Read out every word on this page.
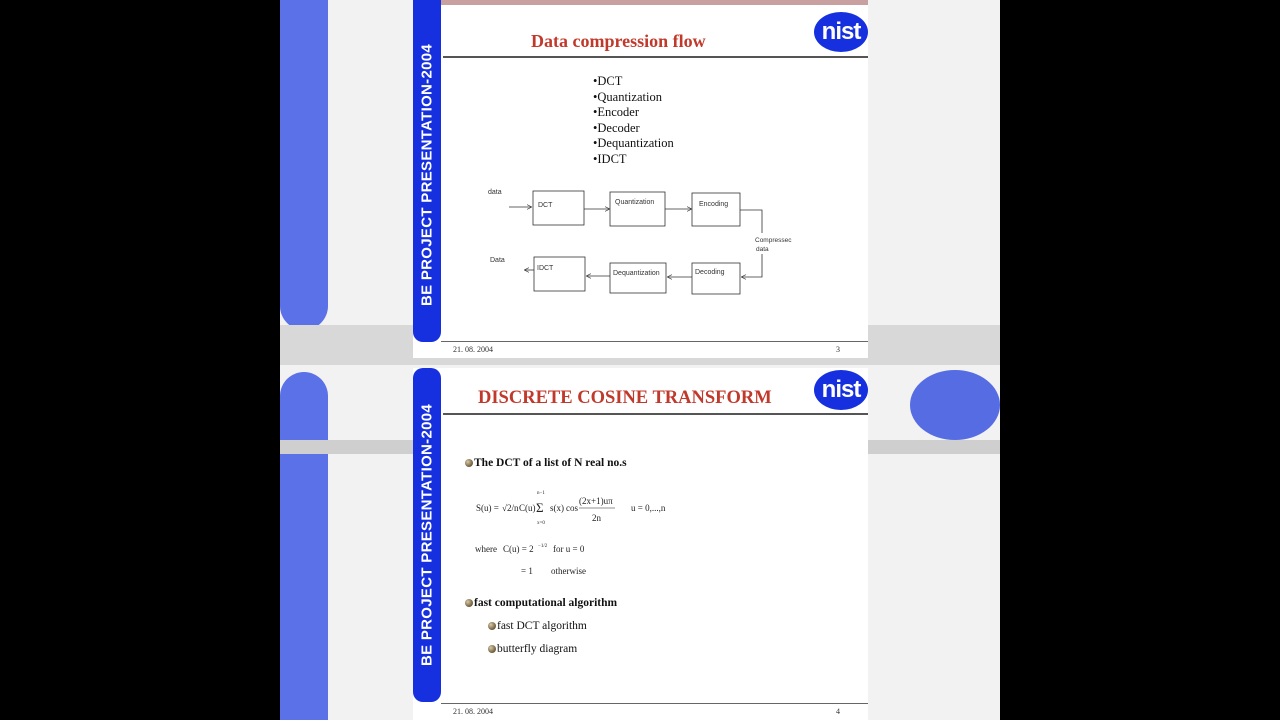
BE PROJECT PRESENTATION-2004
Data compression flow	nist
•DCT
•Quantization
•Encoder
•Decoder
•Dequantization
•IDCT
data
Data
Compressec
data
DCT	Quantization	Encoding
Decoding
Dequantization
IDCT
21. 08. 2004	3
BE PROJECT PRESENTATION-2004
DISCRETE COSINE TRANSFORM nist
The DCT of a list of N real no.s
S(u) = √2/n C(u)
n−1
Σ
x=0
s(x) cos
(2x+1)uπ
2n
u = 0,...,n
where C(u) = 2 −1/2 for u = 0
= 1 otherwise
fast computational algorithm
fast DCT algorithm
butterfly diagram
21. 08. 2004	4
